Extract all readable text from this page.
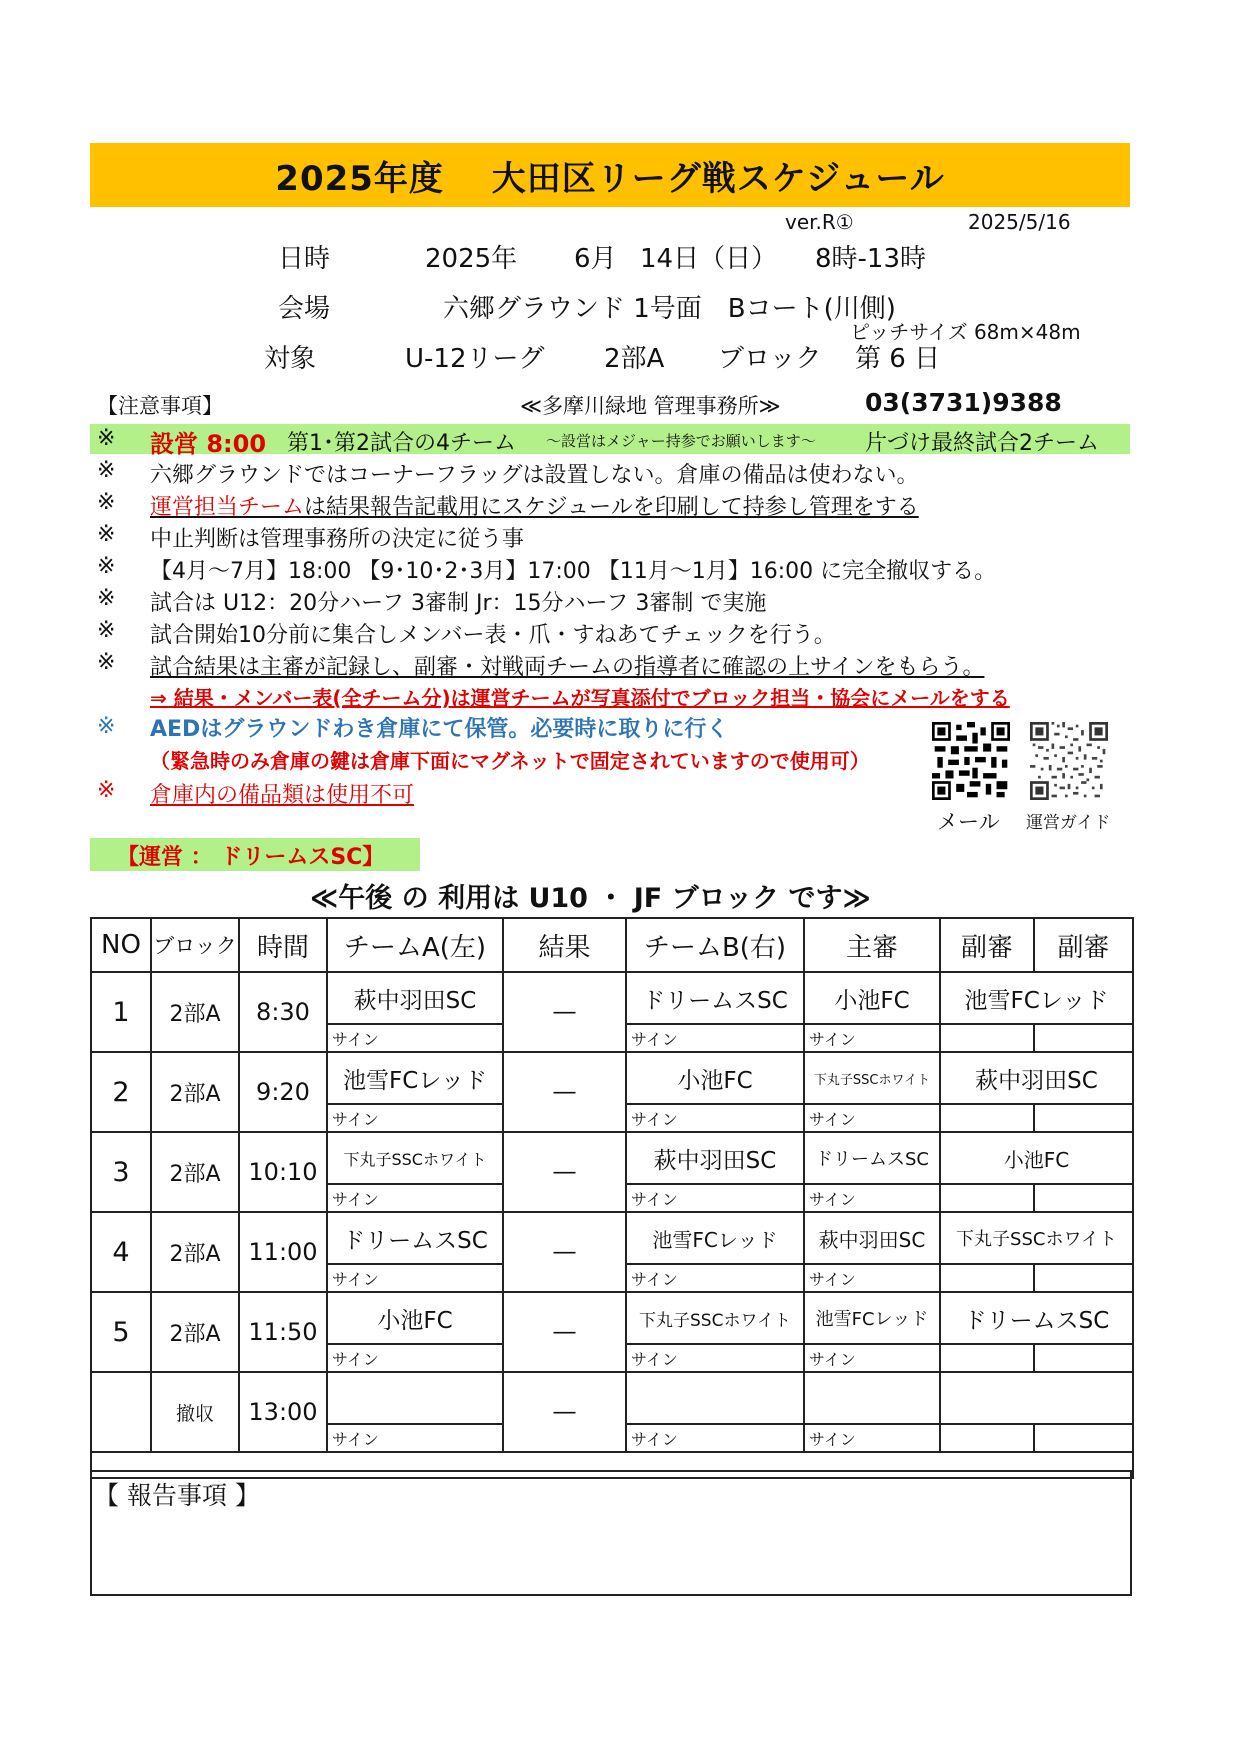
2025年度　 大田区リーグ戦スケジュール
ver.R①	2025/5/16
日時	2025年 6月 14日（日） 8時-13時
会場	六郷グラウンド 1号面　Bコート(川側)
ピッチサイズ 68m×48m
対象	U-12リーグ 2部A ブロック 第 6 日
【注意事項】	≪多摩川緑地 管理事務所≫	03(3731)9388
※ 設営 8:00 第1･第2試合の4チーム ～設営はメジャー持参でお願いします～ 片づけ最終試合2チーム
※ 六郷グラウンドではコーナーフラッグは設置しない。倉庫の備品は使わない。
※ 運営担当チームは結果報告記載用にスケジュールを印刷して持参し管理をする
※ 中止判断は管理事務所の決定に従う事
※ 【4月～7月】18:00 【9･10･2･3月】17:00 【11月～1月】16:00 に完全撤収する。
※ 試合は U12：20分ハーフ 3審制 Jr：15分ハーフ 3審制 で実施
※ 試合開始10分前に集合しメンバー表・爪・すねあてチェックを行う。
※ 試合結果は主審が記録し、副審・対戦両チームの指導者に確認の上サインをもらう。
⇒ 結果・メンバー表(全チーム分)は運営チームが写真添付でブロック担当・協会にメールをする
※ AEDはグラウンドわき倉庫にて保管。必要時に取りに行く
（緊急時のみ倉庫の鍵は倉庫下面にマグネットで固定されていますので使用可）
※ 倉庫内の備品類は使用不可
メール 運営ガイド
【運営 ： ドリームスSC】
≪午後 の 利用は U10 ・ JF ブロック です≫
NO	ブロック	時間	チームA(左)	結果	チームB(右)	主審	副審	副審
1	2部A	8:30	萩中羽田SC	―	ドリームスSC	小池FC	池雪FCレッド	
			サイン		サイン	サイン		
2	2部A	9:20	池雪FCレッド	―	小池FC	下丸子SSCホワイト	萩中羽田SC	
			サイン		サイン	サイン		
3	2部A	10:10	下丸子SSCホワイト	―	萩中羽田SC	ドリームスSC	小池FC	
			サイン		サイン	サイン		
4	2部A	11:00	ドリームスSC	―	池雪FCレッド	萩中羽田SC	下丸子SSCホワイト	
			サイン		サイン	サイン		
5	2部A	11:50	小池FC	―	下丸子SSCホワイト	池雪FCレッド	ドリームスSC	
			サイン		サイン	サイン		
	撤収	13:00		―				
			サイン		サイン	サイン		

【 報告事項 】
